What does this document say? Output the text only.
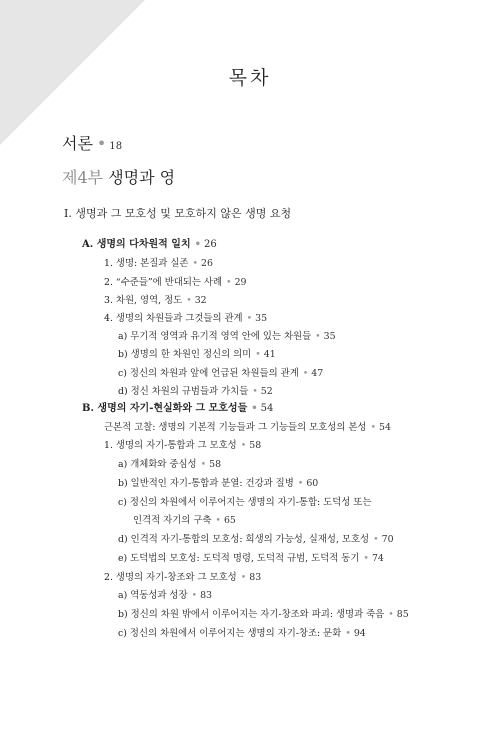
목차
서론 • 18
제4부 생명과 영
I. 생명과 그 모호성 및 모호하지 않은 생명 요청
A. 생명의 다차원적 일치 • 26
1. 생명: 본질과 실존 • 26
2. “수준들”에 반대되는 사례 • 29
3. 차원, 영역, 정도 • 32
4. 생명의 차원들과 그것들의 관계 • 35
a) 무기적 영역과 유기적 영역 안에 있는 차원들 • 35
b) 생명의 한 차원인 정신의 의미 • 41
c) 정신의 차원과 앞에 언급된 차원들의 관계 • 47
d) 정신 차원의 규범들과 가치들 • 52
B. 생명의 자기-현실화와 그 모호성들 • 54
근본적 고찰: 생명의 기본적 기능들과 그 기능들의 모호성의 본성 • 54
1. 생명의 자기-통합과 그 모호성 • 58
a) 개체화와 중심성 • 58
b) 일반적인 자기-통합과 분열: 건강과 질병 • 60
c) 정신의 차원에서 이루어지는 생명의 자기-통합: 도덕성 또는
인격적 자기의 구축 • 65
d) 인격적 자기-통합의 모호성: 희생의 가능성, 실재성, 모호성 • 70
e) 도덕법의 모호성: 도덕적 명령, 도덕적 규범, 도덕적 동기 • 74
2. 생명의 자기-창조와 그 모호성 • 83
a) 역동성과 성장 • 83
b) 정신의 차원 밖에서 이루어지는 자기-창조와 파괴: 생명과 죽음 • 85
c) 정신의 차원에서 이루어지는 생명의 자기-창조: 문화 • 94
